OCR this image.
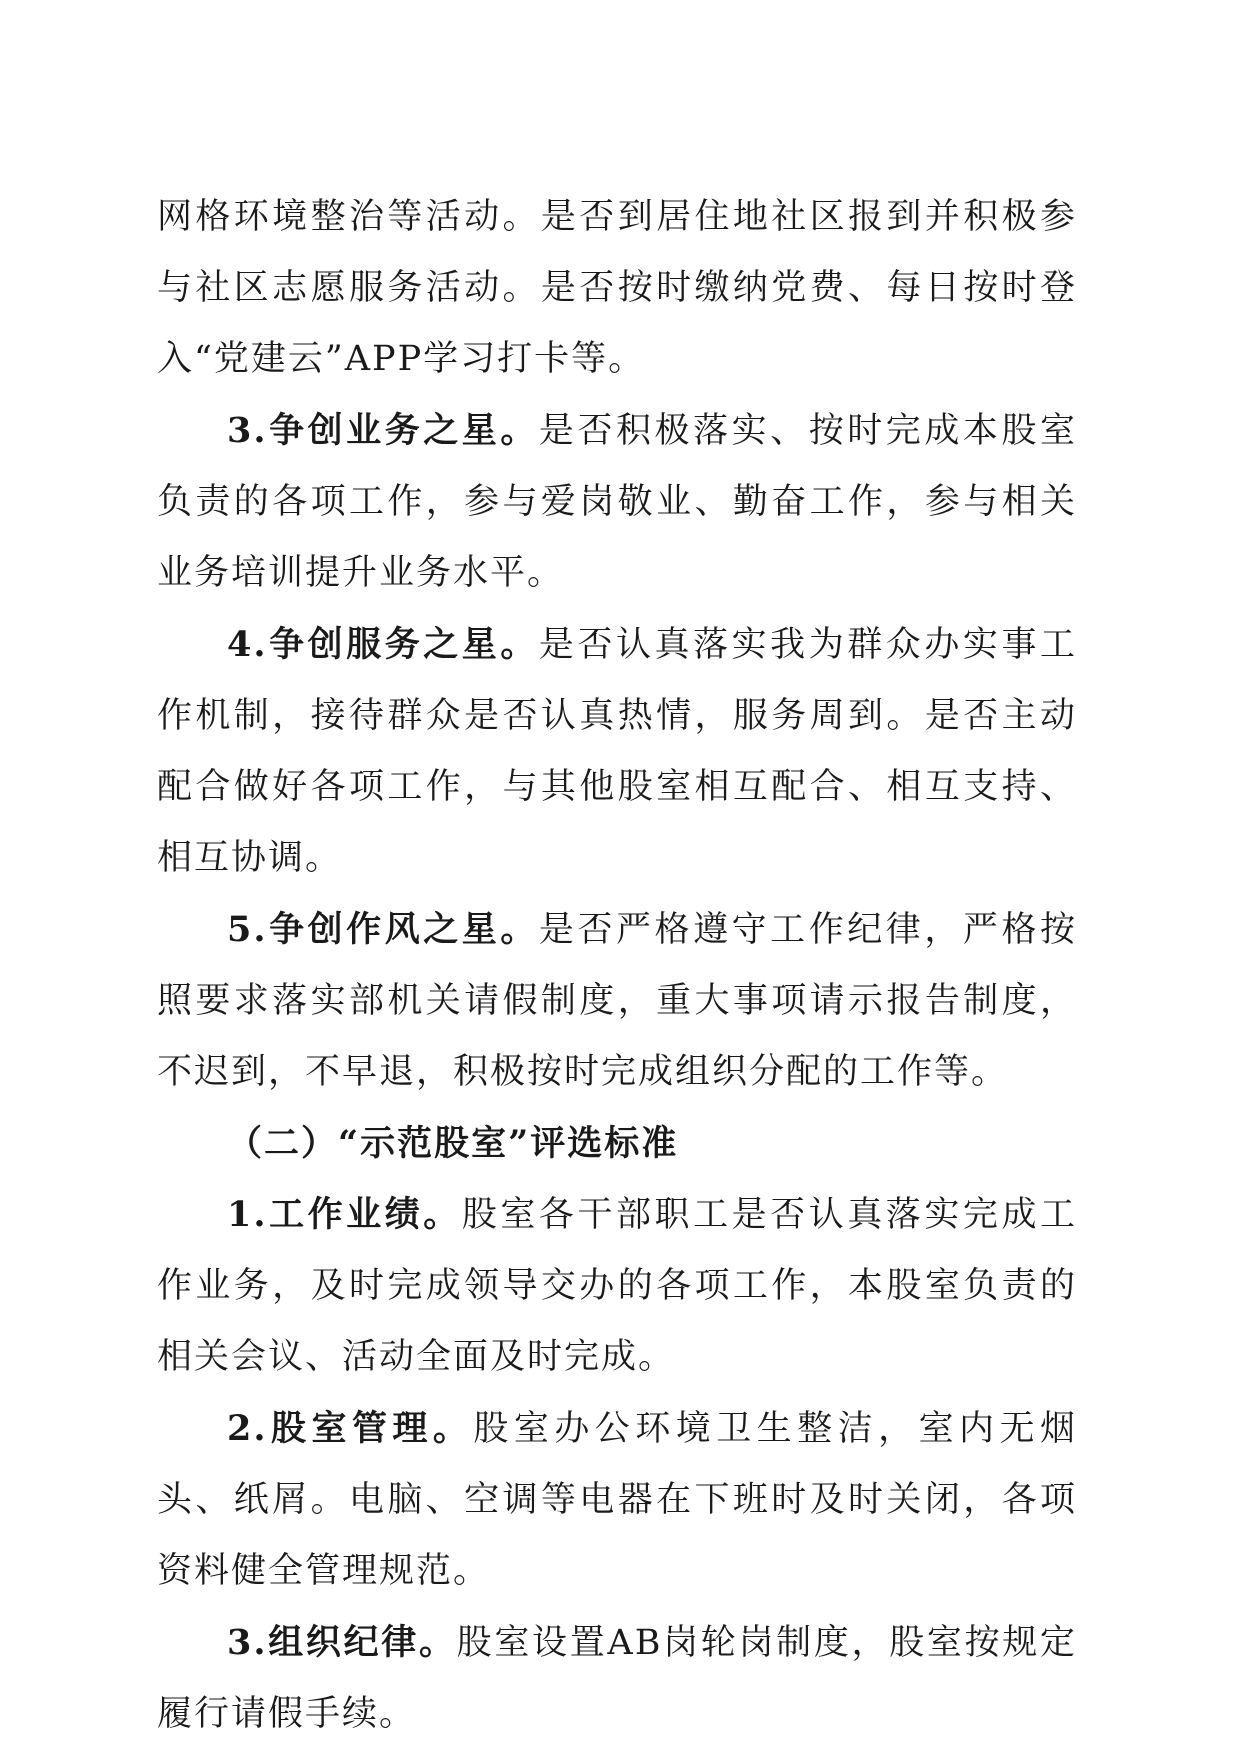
网格环境整治等活动。是否到居住地社区报到并积极参与社区志愿服务活动。是否按时缴纳党费、每日按时登入“党建云”APP学习打卡等。

3.争创业务之星。是否积极落实、按时完成本股室负责的各项工作，参与爱岗敬业、勤奋工作，参与相关业务培训提升业务水平。

4.争创服务之星。是否认真落实我为群众办实事工作机制，接待群众是否认真热情，服务周到。是否主动配合做好各项工作，与其他股室相互配合、相互支持、相互协调。

5.争创作风之星。是否严格遵守工作纪律，严格按照要求落实部机关请假制度，重大事项请示报告制度，不迟到，不早退，积极按时完成组织分配的工作等。

（二）“示范股室”评选标准

1.工作业绩。股室各干部职工是否认真落实完成工作业务，及时完成领导交办的各项工作，本股室负责的相关会议、活动全面及时完成。

2.股室管理。股室办公环境卫生整洁，室内无烟头、纸屑。电脑、空调等电器在下班时及时关闭，各项资料健全管理规范。

3.组织纪律。股室设置AB岗轮岗制度，股室按规定履行请假手续。
